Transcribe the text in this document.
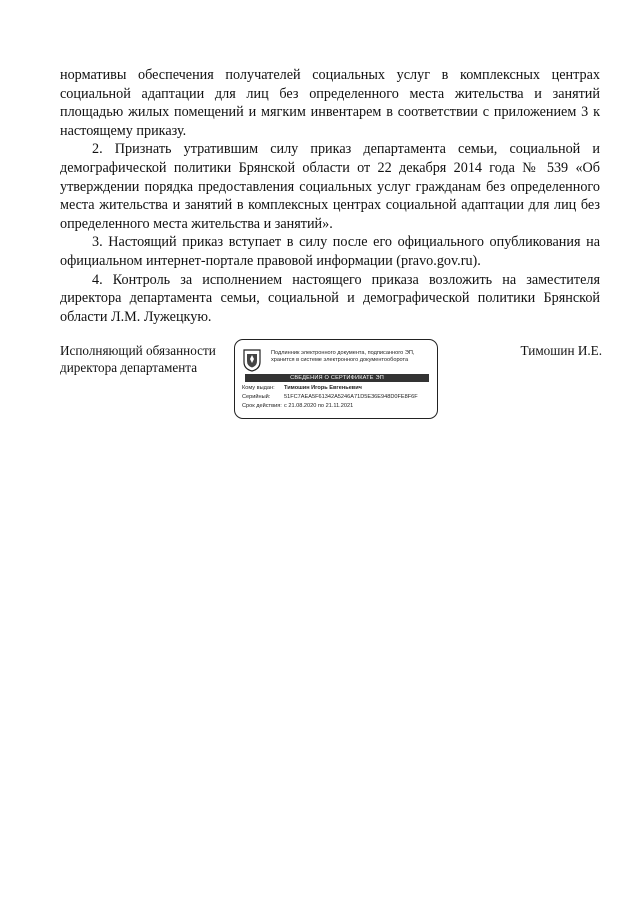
нормативы обеспечения получателей социальных услуг в комплексных центрах социальной адаптации для лиц без определенного места жительства и занятий площадью жилых помещений и мягким инвентарем в соответствии с приложением 3 к настоящему приказу.

2. Признать утратившим силу приказ департамента семьи, социальной и демографической политики Брянской области от 22 декабря 2014 года № 539 «Об утверждении порядка предоставления социальных услуг гражданам без определенного места жительства и занятий в комплексных центрах социальной адаптации для лиц без определенного места жительства и занятий».

3. Настоящий приказ вступает в силу после его официального опубликования на официальном интернет-портале правовой информации (pravo.gov.ru).

4. Контроль за исполнением настоящего приказа возложить на заместителя директора департамента семьи, социальной и демографической политики Брянской области Л.М. Лужецкую.

Исполняющий обязанности
директора департамента
Подлинник электронного документа, подписанного ЭП,
хранится в системе электронного документооборота
СВЕДЕНИЯ О СЕРТИФИКАТЕ ЭП
Кому выдан: Тимошин Игорь Евгеньевич
Серийный: 51FC7AEA5F61342A5246A71D5E36E948D0FE8F6F
Срок действия: с 21.08.2020 по 21.11.2021
Тимошин И.Е.
